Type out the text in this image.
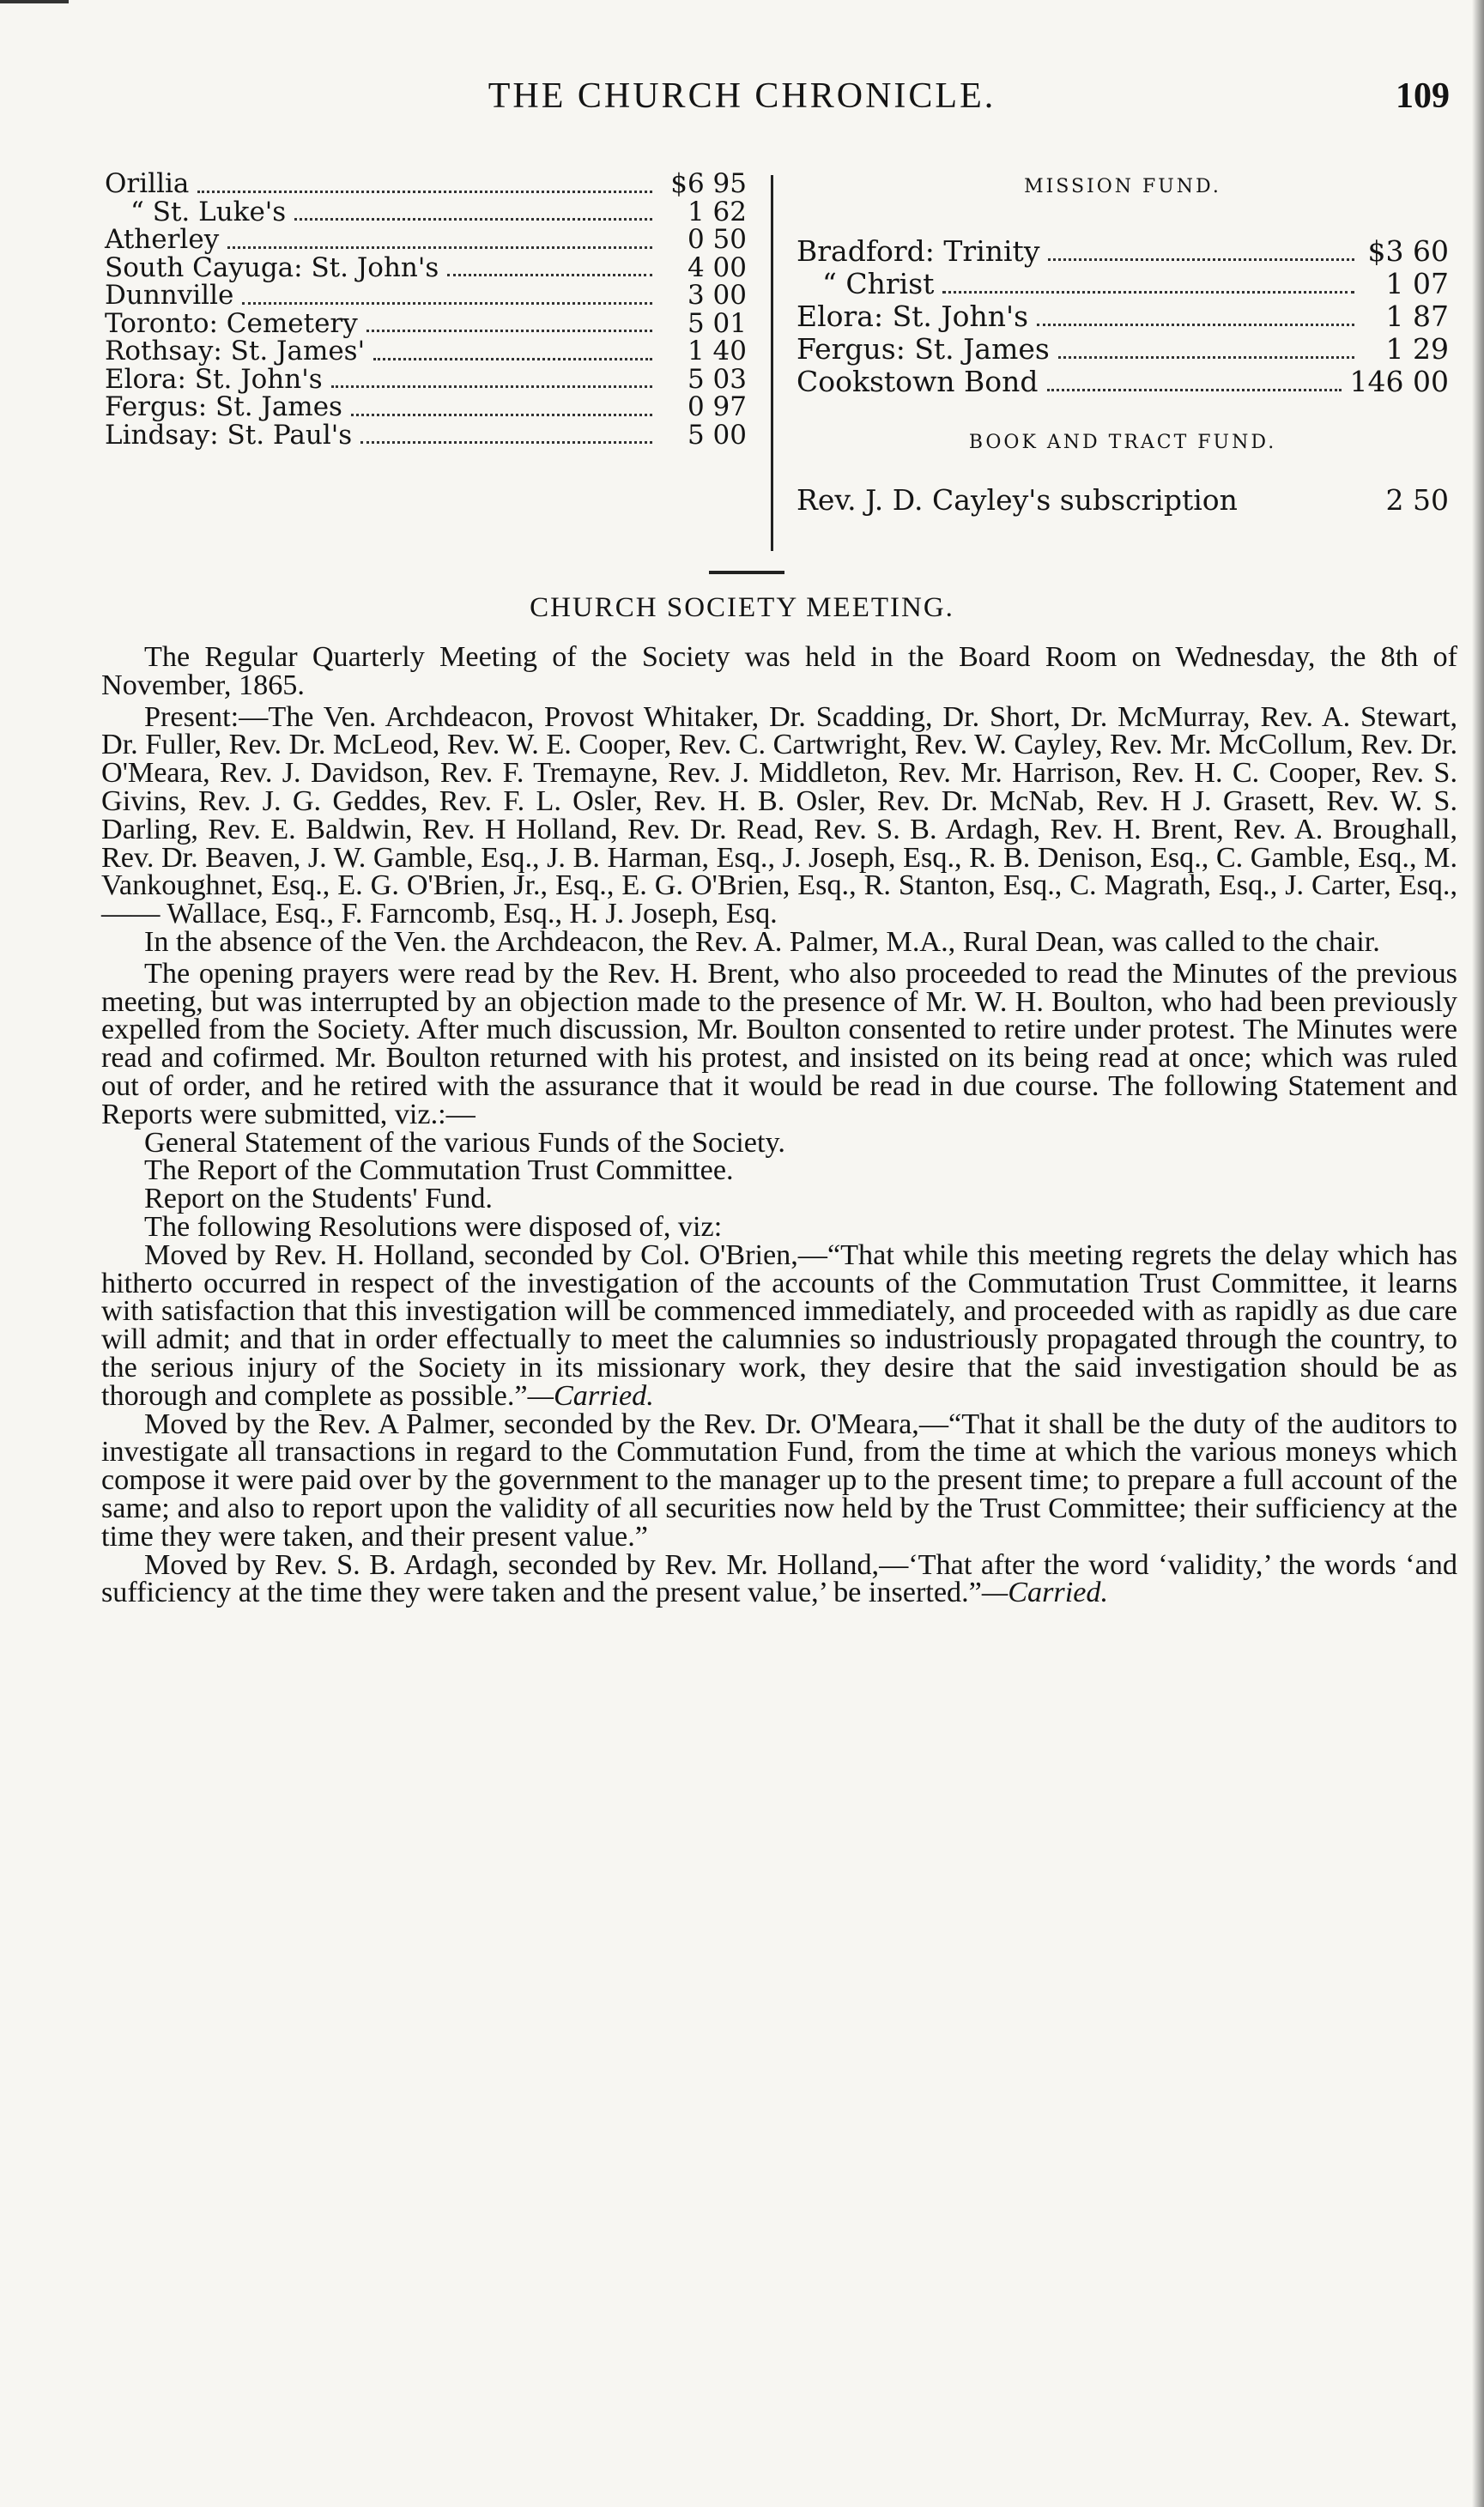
THE CHURCH CHRONICLE.	109
Orillia	$6 95
“ St. Luke's	1 62
Atherley	0 50
South Cayuga: St. John's	4 00
Dunnville	3 00
Toronto: Cemetery	5 01
Rothsay: St. James'	1 40
Elora: St. John's	5 03
Fergus: St. James	0 97
Lindsay: St. Paul's	5 00
MISSION FUND.
Bradford: Trinity	$3 60
“ Christ	1 07
Elora: St. John's	1 87
Fergus: St. James	1 29
Cookstown Bond	146 00
BOOK AND TRACT FUND.
Rev. J. D. Cayley's subscription	2 50
CHURCH SOCIETY MEETING.

The Regular Quarterly Meeting of the Society was held in the Board Room on Wednesday, the 8th of November, 1865.

Present:—The Ven. Archdeacon, Provost Whitaker, Dr. Scadding, Dr. Short, Dr. McMurray, Rev. A. Stewart, Dr. Fuller, Rev. Dr. McLeod, Rev. W. E. Cooper, Rev. C. Cartwright, Rev. W. Cayley, Rev. Mr. McCollum, Rev. Dr. O'Meara, Rev. J. Davidson, Rev. F. Tremayne, Rev. J. Middleton, Rev. Mr. Harrison, Rev. H. C. Cooper, Rev. S. Givins, Rev. J. G. Geddes, Rev. F. L. Osler, Rev. H. B. Osler, Rev. Dr. McNab, Rev. H J. Grasett, Rev. W. S. Darling, Rev. E. Baldwin, Rev. H Holland, Rev. Dr. Read, Rev. S. B. Ardagh, Rev. H. Brent, Rev. A. Broughall, Rev. Dr. Beaven, J. W. Gamble, Esq., J. B. Harman, Esq., J. Joseph, Esq., R. B. Denison, Esq., C. Gamble, Esq., M. Vankoughnet, Esq., E. G. O'Brien, Jr., Esq., E. G. O'Brien, Esq., R. Stanton, Esq., C. Magrath, Esq., J. Carter, Esq., —— Wallace, Esq., F. Farncomb, Esq., H. J. Joseph, Esq.

In the absence of the Ven. the Archdeacon, the Rev. A. Palmer, M.A., Rural Dean, was called to the chair.

The opening prayers were read by the Rev. H. Brent, who also proceeded to read the Minutes of the previous meeting, but was interrupted by an objection made to the presence of Mr. W. H. Boulton, who had been previously expelled from the Society. After much discussion, Mr. Boulton consented to retire under protest. The Minutes were read and cofirmed. Mr. Boulton returned with his protest, and insisted on its being read at once; which was ruled out of order, and he retired with the assurance that it would be read in due course. The following Statement and Reports were submitted, viz.:—

General Statement of the various Funds of the Society.

The Report of the Commutation Trust Committee.

Report on the Students' Fund.

The following Resolutions were disposed of, viz:

Moved by Rev. H. Holland, seconded by Col. O'Brien,—“That while this meeting regrets the delay which has hitherto occurred in respect of the investigation of the accounts of the Commutation Trust Committee, it learns with satisfaction that this investigation will be commenced immediately, and proceeded with as rapidly as due care will admit; and that in order effectually to meet the calumnies so industriously propagated through the country, to the serious injury of the Society in its missionary work, they desire that the said investigation should be as thorough and complete as possible.”—Carried.

Moved by the Rev. A Palmer, seconded by the Rev. Dr. O'Meara,—“That it shall be the duty of the auditors to investigate all transactions in regard to the Commutation Fund, from the time at which the various moneys which compose it were paid over by the government to the manager up to the present time; to prepare a full account of the same; and also to report upon the validity of all securities now held by the Trust Committee; their sufficiency at the time they were taken, and their present value.”

Moved by Rev. S. B. Ardagh, seconded by Rev. Mr. Holland,—‘That after the word ‘validity,’ the words ‘and sufficiency at the time they were taken and the present value,’ be inserted.”—Carried.
